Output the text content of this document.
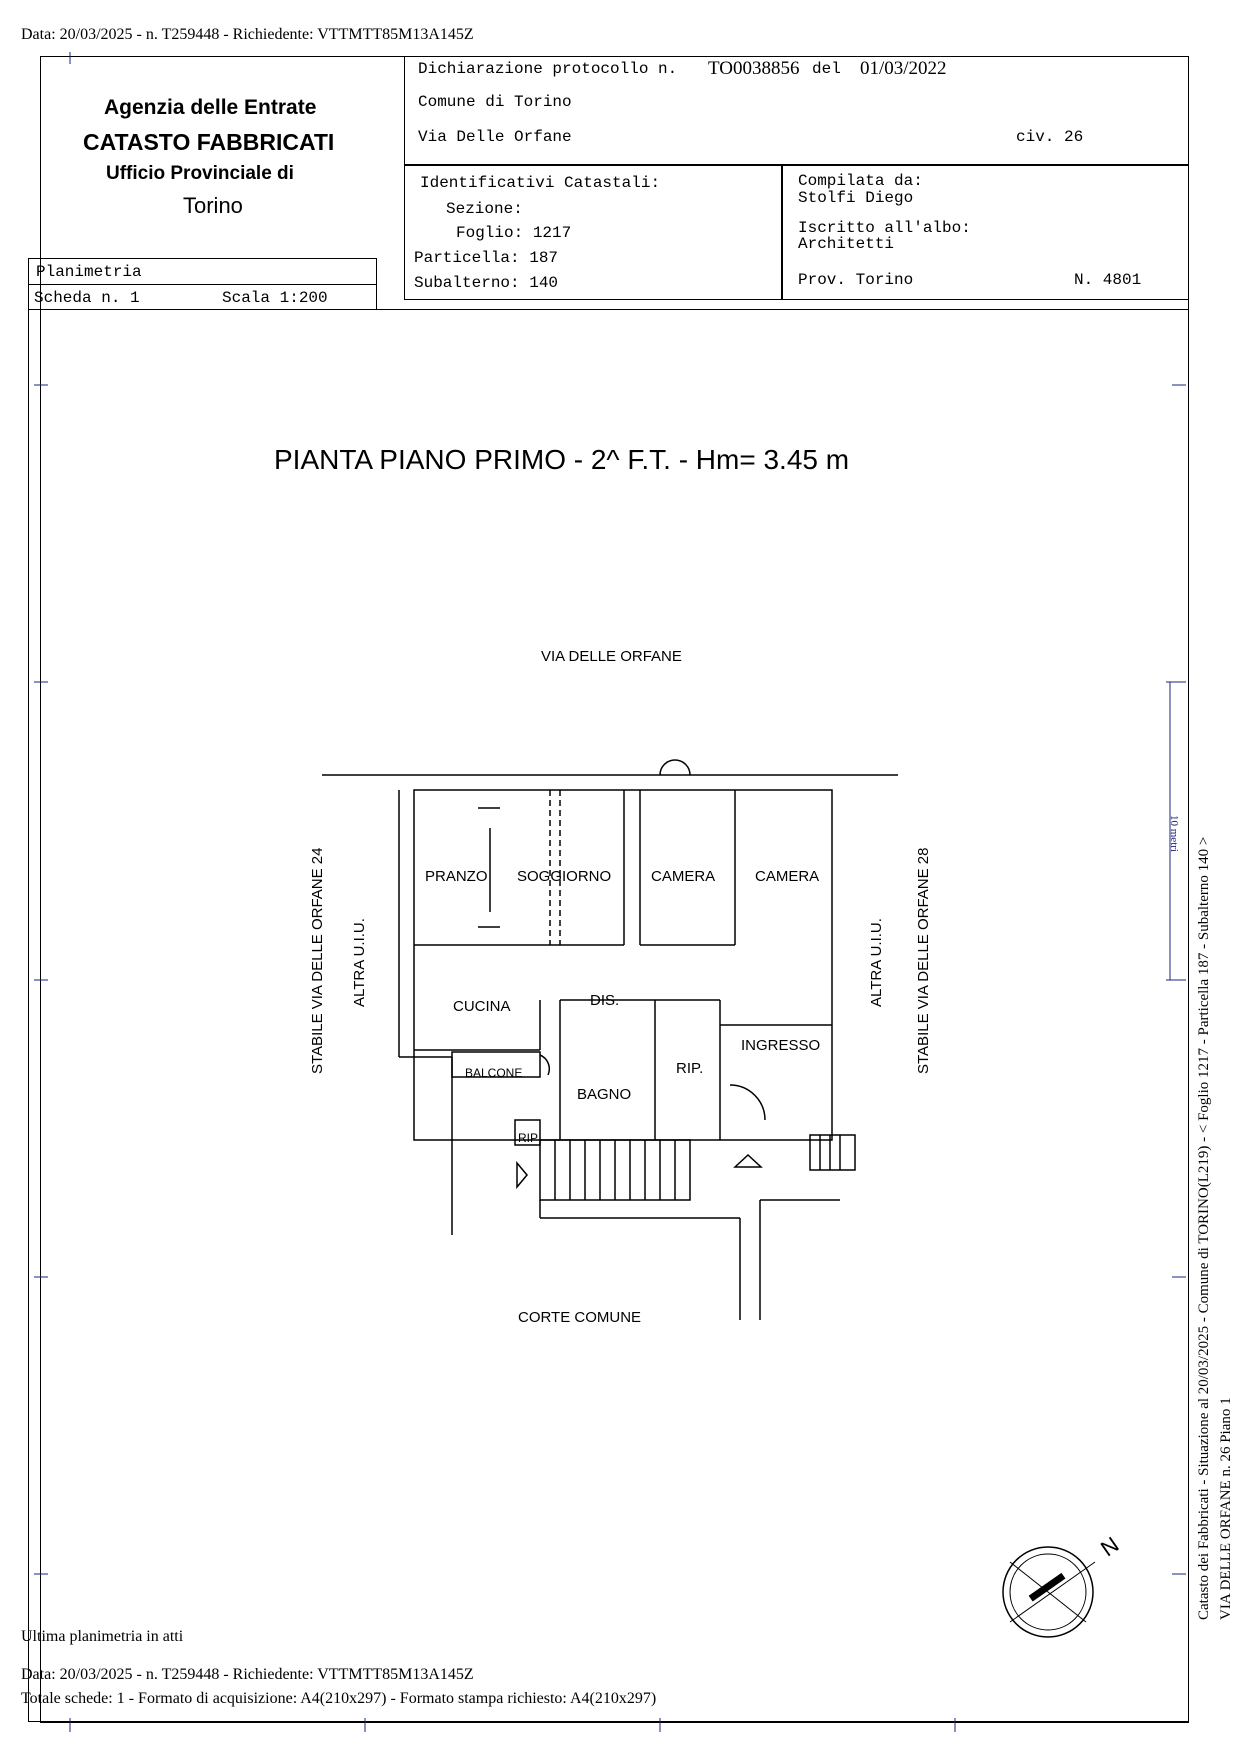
Data: 20/03/2025 - n. T259448 - Richiedente: VTTMTT85M13A145Z
Agenzia delle Entrate
CATASTO FABBRICATI
Ufficio Provinciale di
Torino
Dichiarazione protocollo n. TO0038856 del 01/03/2022
Comune di Torino
Via Delle Orfane	civ. 26
Identificativi Catastali:
Sezione:
Foglio: 1217
Particella: 187
Subalterno: 140
Compilata da:
Stolfi Diego
Iscritto all'albo:
Architetti
Prov. Torino	N. 4801
Planimetria
Scheda n. 1	Scala 1:200
PIANTA PIANO PRIMO - 2^ F.T. - Hm= 3.45 m
VIA DELLE ORFANE
PRANZO SOGGIORNO	CAMERA	CAMERA
CUCINA	DIS.
INGRESSO
RIP.
BAGNO
BALCONE
RIP
STABILE VIA DELLE ORFANE 24 ALTRA U.I.U.	ALTRA U.I.U. STABILE VIA DELLE ORFANE 28
CORTE COMUNE
N	Catasto dei Fabbricati - Situazione al 20/03/2025 - Comune di TORINO(L219) - < Foglio 1217 - Particella 187 - Subalterno 140 > VIA DELLE ORFANE n. 26 Piano 1
10 metri
Ultima planimetria in atti
Data: 20/03/2025 - n. T259448 - Richiedente: VTTMTT85M13A145Z
Totale schede: 1 - Formato di acquisizione: A4(210x297) - Formato stampa richiesto: A4(210x297)
